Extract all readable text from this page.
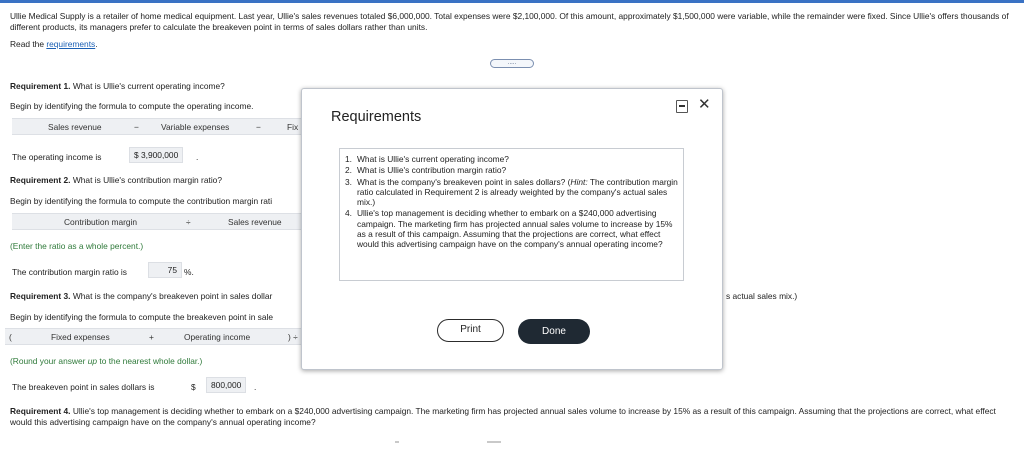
Ullie Medical Supply is a retailer of home medical equipment. Last year, Ullie's sales revenues totaled $6,000,000. Total expenses were $2,100,000. Of this amount, approximately $1,500,000 were variable, while the remainder were fixed. Since Ullie's offers thousands of different products, its managers prefer to calculate the breakeven point in terms of sales dollars rather than units.
Read the requirements.
.....
Requirement 1. What is Ullie's current operating income?
Begin by identifying the formula to compute the operating income.
Sales revenue	−	Variable expenses	−	Fix
The operating income is	$ 3,900,000	.
Requirement 2. What is Ullie's contribution margin ratio?
Begin by identifying the formula to compute the contribution margin rati
Contribution margin	÷	Sales revenue
(Enter the ratio as a whole percent.)
The contribution margin ratio is	75 %.
Requirement 3. What is the company's breakeven point in sales dollar	s actual sales mix.)
Begin by identifying the formula to compute the breakeven point in sale
(	Fixed expenses	+	Operating income	) ÷
(Round your answer up to the nearest whole dollar.)
The breakeven point in sales dollars is	$	800,000	.
Requirement 4. Ullie's top management is deciding whether to embark on a $240,000 advertising campaign. The marketing firm has projected annual sales volume to increase by 15% as a result of this campaign. Assuming that the projections are correct, what effect would this advertising campaign have on the company's annual operating income?
Requirements
✕
1. What is Ullie's current operating income?
2. What is Ullie's contribution margin ratio?
3. What is the company's breakeven point in sales dollars? (Hint: The contribution margin ratio calculated in Requirement 2 is already weighted by the company's actual sales mix.)
4. Ullie's top management is deciding whether to embark on a $240,000 advertising campaign. The marketing firm has projected annual sales volume to increase by 15% as a result of this campaign. Assuming that the projections are correct, what effect would this advertising campaign have on the company's annual operating income?
Print	Done
